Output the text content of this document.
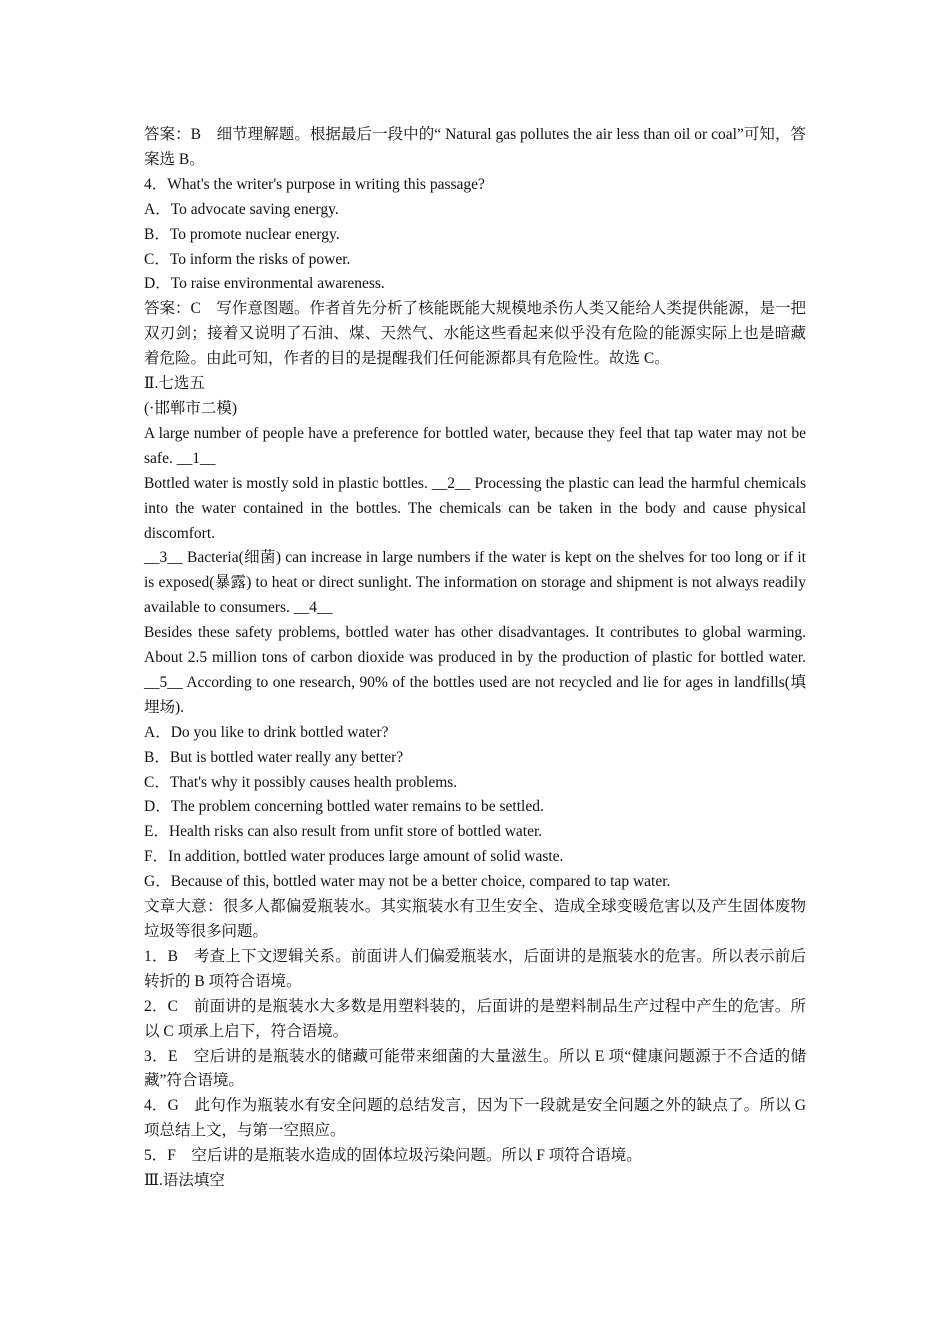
答案：B　细节理解题。根据最后一段中的“ Natural gas pollutes the air less than oil or coal”可知，答案选 B。
4．What's the writer's purpose in writing this passage?
A．To advocate saving energy.
B．To promote nuclear energy.
C．To inform the risks of power.
D．To raise environmental awareness.
答案：C　写作意图题。作者首先分析了核能既能大规模地杀伤人类又能给人类提供能源，是一把双刃剑；接着又说明了石油、煤、天然气、水能这些看起来似乎没有危险的能源实际上也是暗藏着危险。由此可知，作者的目的是提醒我们任何能源都具有危险性。故选 C。
Ⅱ.七选五
(·邯郸市二模)
A large number of people have a preference for bottled water, because they feel that tap water may not be safe. __1__
Bottled water is mostly sold in plastic bottles. __2__ Processing the plastic can lead the harmful chemicals into the water contained in the bottles. The chemicals can be taken in the body and cause physical discomfort.
__3__ Bacteria(细菌) can increase in large numbers if the water is kept on the shelves for too long or if it is exposed(暴露) to heat or direct sunlight. The information on storage and shipment is not always readily available to consumers. __4__
Besides these safety problems, bottled water has other disadvantages. It contributes to global warming. About 2.5 million tons of carbon dioxide was produced in by the production of plastic for bottled water. __5__ According to one research, 90% of the bottles used are not recycled and lie for ages in landfills(填埋场).
A．Do you like to drink bottled water?
B．But is bottled water really any better?
C．That's why it possibly causes health problems.
D．The problem concerning bottled water remains to be settled.
E．Health risks can also result from unfit store of bottled water.
F．In addition, bottled water produces large amount of solid waste.
G．Because of this, bottled water may not be a better choice, compared to tap water.
文章大意：很多人都偏爱瓶装水。其实瓶装水有卫生安全、造成全球变暖危害以及产生固体废物垃圾等很多问题。
1．B　考查上下文逻辑关系。前面讲人们偏爱瓶装水，后面讲的是瓶装水的危害。所以表示前后转折的 B 项符合语境。
2．C　前面讲的是瓶装水大多数是用塑料装的，后面讲的是塑料制品生产过程中产生的危害。所以 C 项承上启下，符合语境。
3．E　空后讲的是瓶装水的储藏可能带来细菌的大量滋生。所以 E 项“健康问题源于不合适的储藏”符合语境。
4．G　此句作为瓶装水有安全问题的总结发言，因为下一段就是安全问题之外的缺点了。所以 G 项总结上文，与第一空照应。
5．F　空后讲的是瓶装水造成的固体垃圾污染问题。所以 F 项符合语境。
Ⅲ.语法填空
